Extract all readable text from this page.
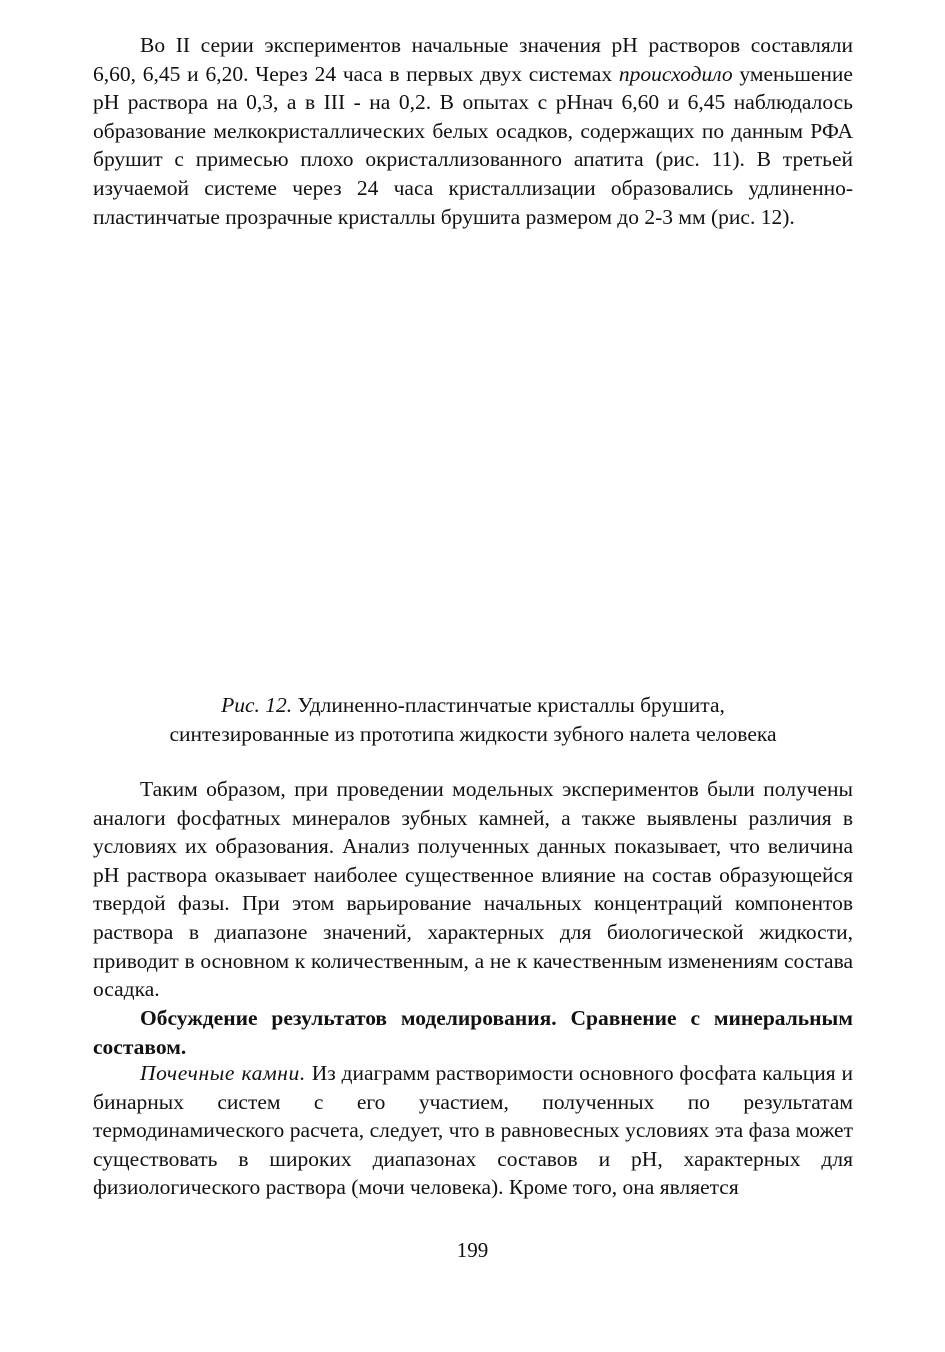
Во II серии экспериментов начальные значения pH растворов составляли 6,60, 6,45 и 6,20. Через 24 часа в первых двух системах происходило уменьшение pH раствора на 0,3, а в III - на 0,2. В опытах с pHнач 6,60 и 6,45 наблюдалось образование мелкокристаллических белых осадков, содержащих по данным РФА брушит с примесью плохо окристаллизованного апатита (рис. 11). В третьей изучаемой системе через 24 часа кристаллизации образовались удлиненно-пластинчатые прозрачные кристаллы брушита размером до 2-3 мм (рис. 12).

Рис. 12. Удлиненно-пластинчатые кристаллы брушита,
синтезированные из прототипа жидкости зубного налета человека

Таким образом, при проведении модельных экспериментов были получены аналоги фосфатных минералов зубных камней, а также выявлены различия в условиях их образования. Анализ полученных данных показывает, что величина pH раствора оказывает наиболее существенное влияние на состав образующейся твердой фазы. При этом варьирование начальных концентраций компонентов раствора в диапазоне значений, характерных для биологической жидкости, приводит в основном к количественным, а не к качественным изменениям состава осадка.

Обсуждение результатов моделирования. Сравнение с минеральным составом.

Почечные камни. Из диаграмм растворимости основного фосфата кальция и бинарных систем с его участием, полученных по результатам термодинамического расчета, следует, что в равновесных условиях эта фаза может существовать в широких диапазонах составов и pH, характерных для физиологического раствора (мочи человека). Кроме того, она является

199
